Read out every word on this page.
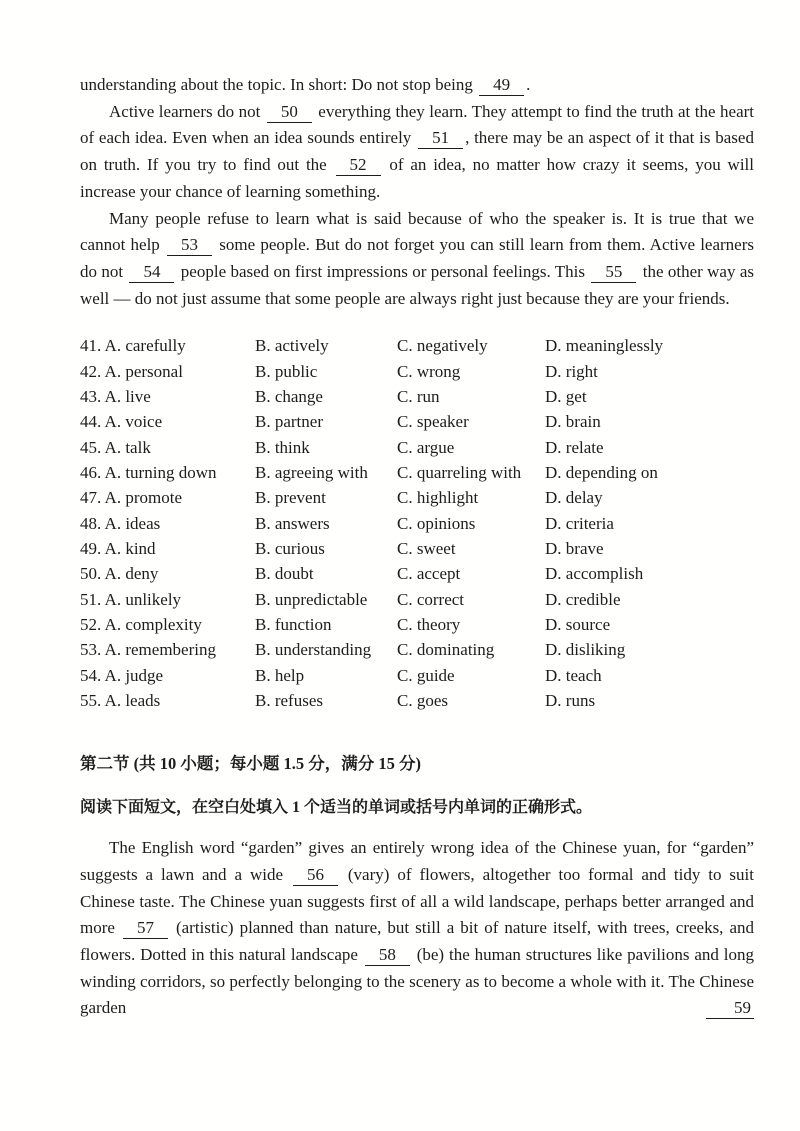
understanding about the topic. In short: Do not stop being 49 .

Active learners do not 50 everything they learn. They attempt to find the truth at the heart of each idea. Even when an idea sounds entirely 51 , there may be an aspect of it that is based on truth. If you try to find out the 52 of an idea, no matter how crazy it seems, you will increase your chance of learning something.

Many people refuse to learn what is said because of who the speaker is. It is true that we cannot help 53 some people. But do not forget you can still learn from them. Active learners do not 54 people based on first impressions or personal feelings. This 55 the other way as well — do not just assume that some people are always right just because they are your friends.

41. A. carefully	B. actively	C. negatively	D. meaninglessly
42. A. personal	B. public	C. wrong	D. right
43. A. live	B. change	C. run	D. get
44. A. voice	B. partner	C. speaker	D. brain
45. A. talk	B. think	C. argue	D. relate
46. A. turning down	B. agreeing with	C. quarreling with	D. depending on
47. A. promote	B. prevent	C. highlight	D. delay
48. A. ideas	B. answers	C. opinions	D. criteria
49. A. kind	B. curious	C. sweet	D. brave
50. A. deny	B. doubt	C. accept	D. accomplish
51. A. unlikely	B. unpredictable	C. correct	D. credible
52. A. complexity	B. function	C. theory	D. source
53. A. remembering	B. understanding	C. dominating	D. disliking
54. A. judge	B. help	C. guide	D. teach
55. A. leads	B. refuses	C. goes	D. runs

第二节 (共 10 小题；每小题 1.5 分，满分 15 分)

阅读下面短文，在空白处填入 1 个适当的单词或括号内单词的正确形式。

The English word “garden” gives an entirely wrong idea of the Chinese yuan, for “garden” suggests a lawn and a wide 56 (vary) of flowers, altogether too formal and tidy to suit Chinese taste. The Chinese yuan suggests first of all a wild landscape, perhaps better arranged and more 57 (artistic) planned than nature, but still a bit of nature itself, with trees, creeks, and flowers. Dotted in this natural landscape 58 (be) the human structures like pavilions and long winding corridors, so perfectly belonging to the scenery as to become a whole with it. The Chinese garden 59
